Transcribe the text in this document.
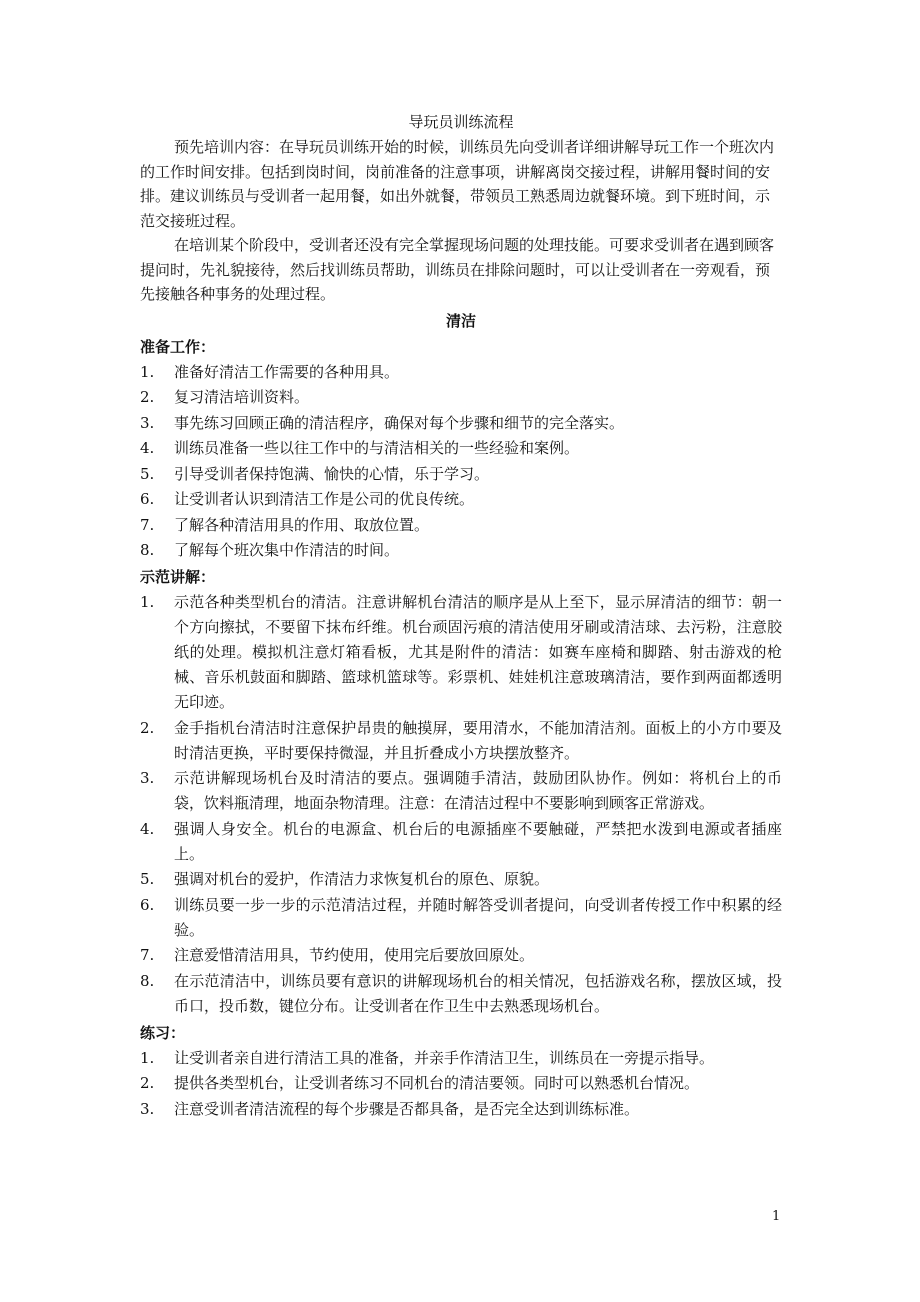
导玩员训练流程

预先培训内容：在导玩员训练开始的时候，训练员先向受训者详细讲解导玩工作一个班次内的工作时间安排。包括到岗时间，岗前准备的注意事项，讲解离岗交接过程，讲解用餐时间的安排。建议训练员与受训者一起用餐，如出外就餐，带领员工熟悉周边就餐环境。到下班时间，示范交接班过程。

在培训某个阶段中，受训者还没有完全掌握现场问题的处理技能。可要求受训者在遇到顾客提问时，先礼貌接待，然后找训练员帮助，训练员在排除问题时，可以让受训者在一旁观看，预先接触各种事务的处理过程。

清洁
准备工作：
1.	准备好清洁工作需要的各种用具。
2.	复习清洁培训资料。
3.	事先练习回顾正确的清洁程序，确保对每个步骤和细节的完全落实。
4.	训练员准备一些以往工作中的与清洁相关的一些经验和案例。
5.	引导受训者保持饱满、愉快的心情，乐于学习。
6.	让受训者认识到清洁工作是公司的优良传统。
7.	了解各种清洁用具的作用、取放位置。
8.	了解每个班次集中作清洁的时间。
示范讲解：
1.	示范各种类型机台的清洁。注意讲解机台清洁的顺序是从上至下，显示屏清洁的细节：朝一个方向擦拭，不要留下抹布纤维。机台顽固污痕的清洁使用牙刷或清洁球、去污粉，注意胶纸的处理。模拟机注意灯箱看板，尤其是附件的清洁：如赛车座椅和脚踏、射击游戏的枪械、音乐机鼓面和脚踏、篮球机篮球等。彩票机、娃娃机注意玻璃清洁，要作到两面都透明无印迹。
2.	金手指机台清洁时注意保护昂贵的触摸屏，要用清水，不能加清洁剂。面板上的小方巾要及时清洁更换，平时要保持微湿，并且折叠成小方块摆放整齐。
3.	示范讲解现场机台及时清洁的要点。强调随手清洁，鼓励团队协作。例如：将机台上的币袋，饮料瓶清理，地面杂物清理。注意：在清洁过程中不要影响到顾客正常游戏。
4.	强调人身安全。机台的电源盒、机台后的电源插座不要触碰，严禁把水泼到电源或者插座上。
5.	强调对机台的爱护，作清洁力求恢复机台的原色、原貌。
6.	训练员要一步一步的示范清洁过程，并随时解答受训者提问，向受训者传授工作中积累的经验。
7.	注意爱惜清洁用具，节约使用，使用完后要放回原处。
8.	在示范清洁中，训练员要有意识的讲解现场机台的相关情况，包括游戏名称，摆放区域，投币口，投币数，键位分布。让受训者在作卫生中去熟悉现场机台。
练习：
1.	让受训者亲自进行清洁工具的准备，并亲手作清洁卫生，训练员在一旁提示指导。
2.	提供各类型机台，让受训者练习不同机台的清洁要领。同时可以熟悉机台情况。
3.	注意受训者清洁流程的每个步骤是否都具备，是否完全达到训练标准。
1
